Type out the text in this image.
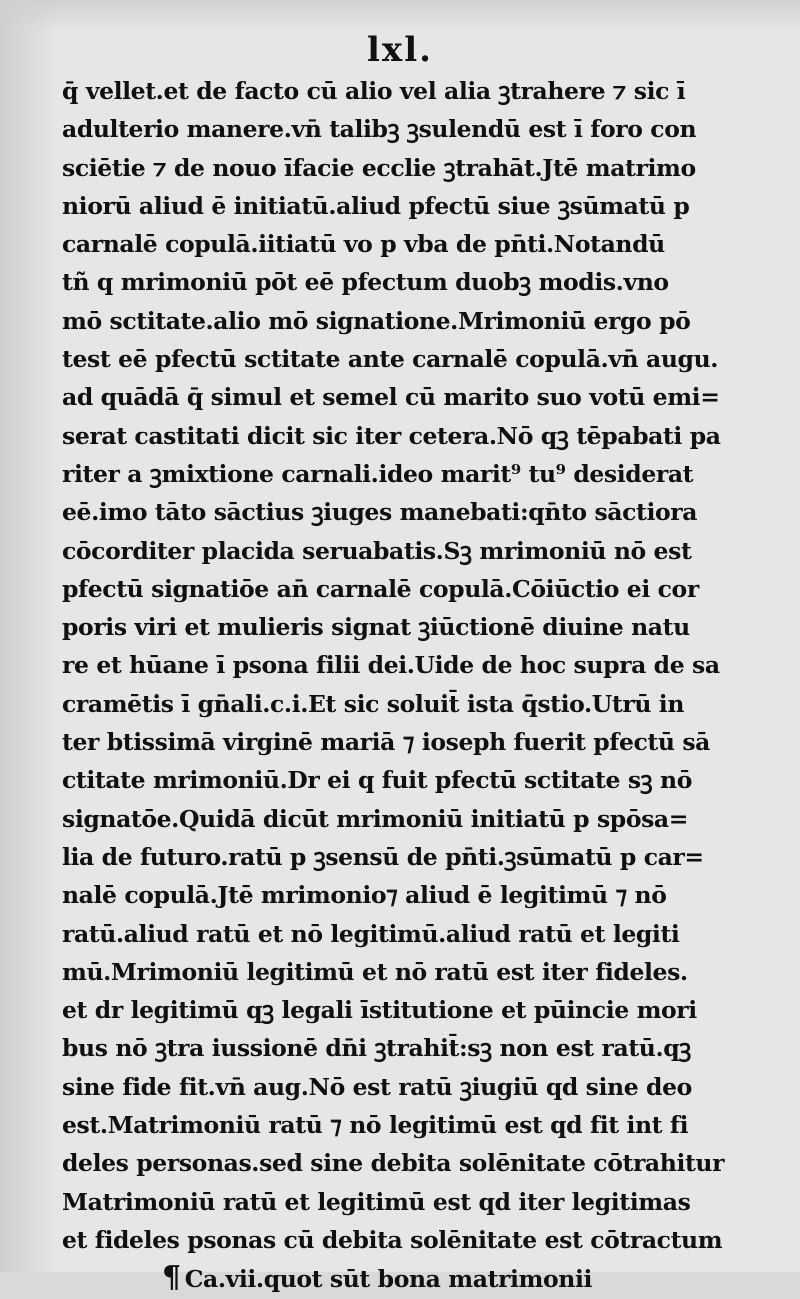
lxl.
q̄ vellet.et de facto cū alio vel alia ꝫtrahere ⁊ sic ī
adulterio manere.vn̄ talibꝫ ꝫsulendū est ī foro con
sciētie ⁊ de nouo īfacie ecclie ꝫtrahāt.Jtē matrimo
niorū aliud ē initiatū.aliud pfectū siue ꝫsūmatū p
carnalē copulā.iitiatū vo p vba de pn̄ti.Notandū
tñ q mrimoniū pōt eē pfectum duobꝫ modis.vno
mō sctitate.alio mō signatione.Mrimoniū ergo pō
test eē pfectū sctitate ante carnalē copulā.vn̄ augu.
ad quādā q̄ simul et semel cū marito suo votū emi=
serat castitati dicit sic iter cetera.Nō qꝫ tēpabati pa
riter a ꝫmixtione carnali.ideo marit⁹ tu⁹ desiderat
eē.imo tāto sāctius ꝫiuges manebati:qn̄to sāctiora
cōcorditer placida seruabatis.Sꝫ mrimoniū nō est
pfectū signatiōe an̄ carnalē copulā.Cōiūctio ei cor
poris viri et mulieris signat ꝫiūctionē diuine natu
re et hūane ī psona filii dei.Uide de hoc supra de sa
cramētis ī gn̄ali.c.i.Et sic soluit̄ ista q̄stio.Utrū in
ter btissimā virginē mariā ⁊ ioseph fuerit pfectū sā
ctitate mrimoniū.Dr ei q fuit pfectū sctitate sꝫ nō
signatōe.Quidā dicūt mrimoniū initiatū p spōsa=
lia de futuro.ratū p ꝫsensū de pn̄ti.ꝫsūmatū p car=
nalē copulā.Jtē mrimonio⁊ aliud ē legitimū ⁊ nō
ratū.aliud ratū et nō legitimū.aliud ratū et legiti
mū.Mrimoniū legitimū et nō ratū est iter fideles.
et dr legitimū qꝫ legali īstitutione et pūincie mori
bus nō ꝫtra iussionē dn̄i ꝫtrahit̄:sꝫ non est ratū.qꝫ
sine fide fit.vn̄ aug.Nō est ratū ꝫiugiū qd sine deo
est.Matrimoniū ratū ⁊ nō legitimū est qd fit int fi
deles personas.sed sine debita solēnitate cōtrahitur
Matrimoniū ratū et legitimū est qd iter legitimas
et fideles psonas cū debita solēnitate est cōtractum
¶ Ca.vii.quot sūt bona matrimonii
